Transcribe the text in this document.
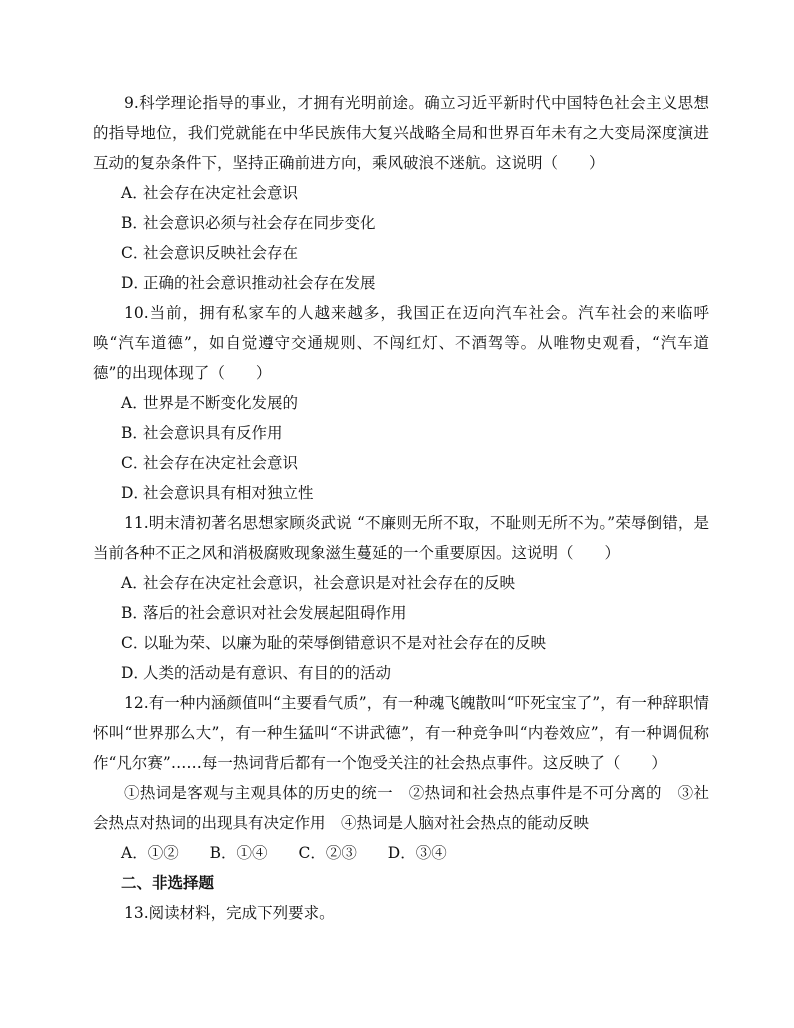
9.科学理论指导的事业，才拥有光明前途。确立习近平新时代中国特色社会主义思想的指导地位，我们党就能在中华民族伟大复兴战略全局和世界百年未有之大变局深度演进互动的复杂条件下，坚持正确前进方向，乘风破浪不迷航。这说明（　　）

A．社会存在决定社会意识

B．社会意识必须与社会存在同步变化

C．社会意识反映社会存在

D．正确的社会意识推动社会存在发展

10.当前，拥有私家车的人越来越多，我国正在迈向汽车社会。汽车社会的来临呼唤“汽车道德”，如自觉遵守交通规则、不闯红灯、不酒驾等。从唯物史观看，“汽车道德”的出现体现了（　　）

A．世界是不断变化发展的

B．社会意识具有反作用

C．社会存在决定社会意识

D．社会意识具有相对独立性

11.明末清初著名思想家顾炎武说 “不廉则无所不取，不耻则无所不为。”荣辱倒错，是当前各种不正之风和消极腐败现象滋生蔓延的一个重要原因。这说明（　　）

A．社会存在决定社会意识，社会意识是对社会存在的反映

B．落后的社会意识对社会发展起阻碍作用

C．以耻为荣、以廉为耻的荣辱倒错意识不是对社会存在的反映

D．人类的活动是有意识、有目的的活动

12.有一种内涵颜值叫“主要看气质”，有一种魂飞魄散叫“吓死宝宝了”，有一种辞职情怀叫“世界那么大”，有一种生猛叫“不讲武德”，有一种竞争叫“内卷效应”，有一种调侃称作“凡尔赛”……每一热词背后都有一个饱受关注的社会热点事件。这反映了（　　）

①热词是客观与主观具体的历史的统一　②热词和社会热点事件是不可分离的　③社会热点对热词的出现具有决定作用　④热词是人脑对社会热点的能动反映

A．①② B．①④ C．②③ D．③④

二、非选择题

13.阅读材料，完成下列要求。
